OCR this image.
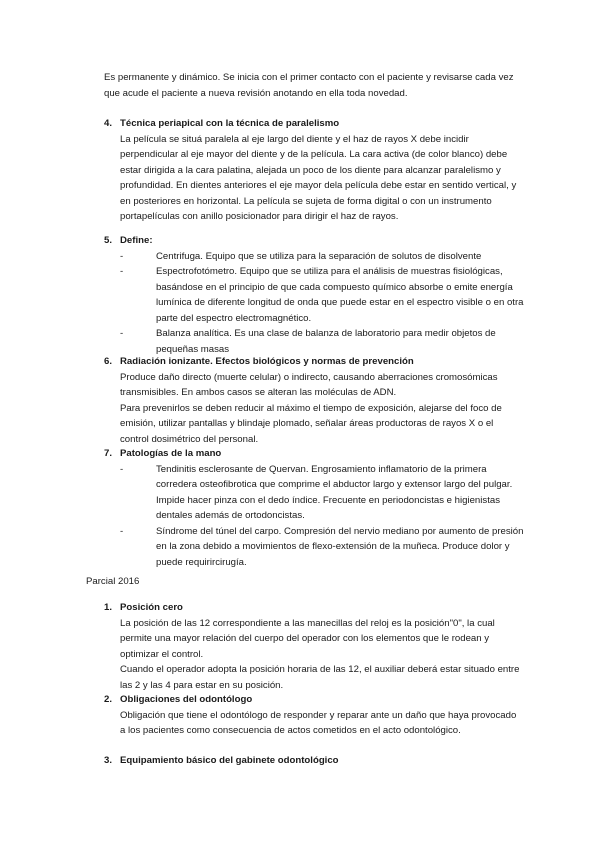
Es permanente y dinámico. Se inicia con el primer contacto con el paciente y revisarse cada vez que acude el paciente a nueva revisión anotando en ella toda novedad.

4. Técnica periapical con la técnica de paralelismo
La película se situá paralela al eje largo del diente y el haz de rayos X debe incidir perpendicular al eje mayor del diente y de la película. La cara activa (de color blanco) debe estar dirigida a la cara palatina, alejada un poco de los diente para alcanzar paralelismo y profundidad. En dientes anteriores el eje mayor dela película debe estar en sentido vertical, y en posteriores en horizontal. La película se sujeta de forma digital o con un instrumento portapelículas con anillo posicionador para dirigir el haz de rayos.
5. Define:
-	Centrifuga. Equipo que se utiliza para la separación de solutos de disolvente
-	Espectrofotómetro. Equipo que se utiliza para el análisis de muestras fisiológicas, basándose en el principio de que cada compuesto químico absorbe o emite energía lumínica de diferente longitud de onda que puede estar en el espectro visible o en otra parte del espectro electromagnético.
-	Balanza analítica. Es una clase de balanza de laboratorio para medir objetos de pequeñas masas
6. Radiación ionizante. Efectos biológicos y normas de prevención
Produce daño directo (muerte celular) o indirecto, causando aberraciones cromosómicas transmisibles. En ambos casos se alteran las moléculas de ADN.
Para prevenirlos se deben reducir al máximo el tiempo de exposición, alejarse del foco de emisión, utilizar pantallas y blindaje plomado, señalar áreas productoras de rayos X o el control dosimétrico del personal.
7. Patologías de la mano
-	Tendinitis esclerosante de Quervan. Engrosamiento inflamatorio de la primera corredera osteofibrotica que comprime el abductor largo y extensor largo del pulgar. Impide hacer pinza con el dedo índice. Frecuente en periodoncistas e higienistas dentales además de ortodoncistas.
-	Síndrome del túnel del carpo. Compresión del nervio mediano por aumento de presión en la zona debido a movimientos de flexo-extensión de la muñeca. Produce dolor y puede requirircirugía.

Parcial 2016

1. Posición cero
La posición de las 12 correspondiente a las manecillas del reloj es la posición"0", la cual permite una mayor relación del cuerpo del operador con los elementos que le rodean y optimizar el control.
Cuando el operador adopta la posición horaria de las 12, el auxiliar deberá estar situado entre las 2 y las 4 para estar en su posición.
2. Obligaciones del odontólogo
Obligación que tiene el odontólogo de responder y reparar ante un daño que haya provocado a los pacientes como consecuencia de actos cometidos en el acto odontológico.
3. Equipamiento básico del gabinete odontológico
